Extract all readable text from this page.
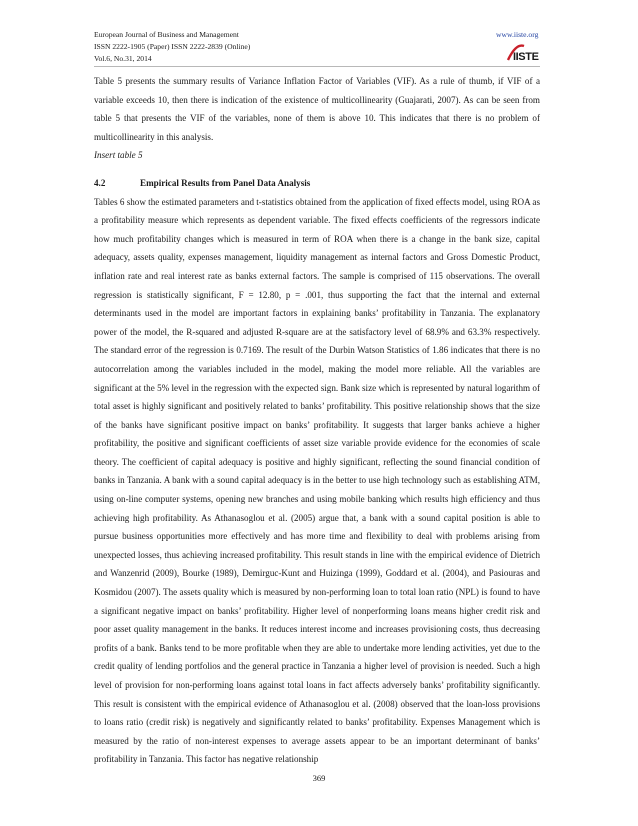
European Journal of Business and Management
ISSN 2222-1905 (Paper) ISSN 2222-2839 (Online)
Vol.6, No.31, 2014
www.iiste.org
IISTE

Table 5 presents the summary results of Variance Inflation Factor of Variables (VIF). As a rule of thumb, if VIF of a variable exceeds 10, then there is indication of the existence of multicollinearity (Guajarati, 2007). As can be seen from table 5 that presents the VIF of the variables, none of them is above 10. This indicates that there is no problem of multicollinearity in this analysis.

Insert table 5

4.2	Empirical Results from Panel Data Analysis

Tables 6 show the estimated parameters and t-statistics obtained from the application of fixed effects model, using ROA as a profitability measure which represents as dependent variable. The fixed effects coefficients of the regressors indicate how much profitability changes which is measured in term of ROA when there is a change in the bank size, capital adequacy, assets quality, expenses management, liquidity management as internal factors and Gross Domestic Product, inflation rate and real interest rate as banks external factors. The sample is comprised of 115 observations. The overall regression is statistically significant, F = 12.80, p = .001, thus supporting the fact that the internal and external determinants used in the model are important factors in explaining banks’ profitability in Tanzania. The explanatory power of the model, the R-squared and adjusted R-square are at the satisfactory level of 68.9% and 63.3% respectively. The standard error of the regression is 0.7169. The result of the Durbin Watson Statistics of 1.86 indicates that there is no autocorrelation among the variables included in the model, making the model more reliable. All the variables are significant at the 5% level in the regression with the expected sign. Bank size which is represented by natural logarithm of total asset is highly significant and positively related to banks’ profitability. This positive relationship shows that the size of the banks have significant positive impact on banks’ profitability. It suggests that larger banks achieve a higher profitability, the positive and significant coefficients of asset size variable provide evidence for the economies of scale theory. The coefficient of capital adequacy is positive and highly significant, reflecting the sound financial condition of banks in Tanzania. A bank with a sound capital adequacy is in the better to use high technology such as establishing ATM, using on-line computer systems, opening new branches and using mobile banking which results high efficiency and thus achieving high profitability. As Athanasoglou et al. (2005) argue that, a bank with a sound capital position is able to pursue business opportunities more effectively and has more time and flexibility to deal with problems arising from unexpected losses, thus achieving increased profitability. This result stands in line with the empirical evidence of Dietrich and Wanzenrid (2009), Bourke (1989), Demirguc-Kunt and Huizinga (1999), Goddard et al. (2004), and Pasiouras and Kosmidou (2007). The assets quality which is measured by non-performing loan to total loan ratio (NPL) is found to have a significant negative impact on banks’ profitability. Higher level of nonperforming loans means higher credit risk and poor asset quality management in the banks. It reduces interest income and increases provisioning costs, thus decreasing profits of a bank. Banks tend to be more profitable when they are able to undertake more lending activities, yet due to the credit quality of lending portfolios and the general practice in Tanzania a higher level of provision is needed. Such a high level of provision for non-performing loans against total loans in fact affects adversely banks’ profitability significantly. This result is consistent with the empirical evidence of Athanasoglou et al. (2008) observed that the loan-loss provisions to loans ratio (credit risk) is negatively and significantly related to banks’ profitability. Expenses Management which is measured by the ratio of non-interest expenses to average assets appear to be an important determinant of banks’ profitability in Tanzania. This factor has negative relationship

369
